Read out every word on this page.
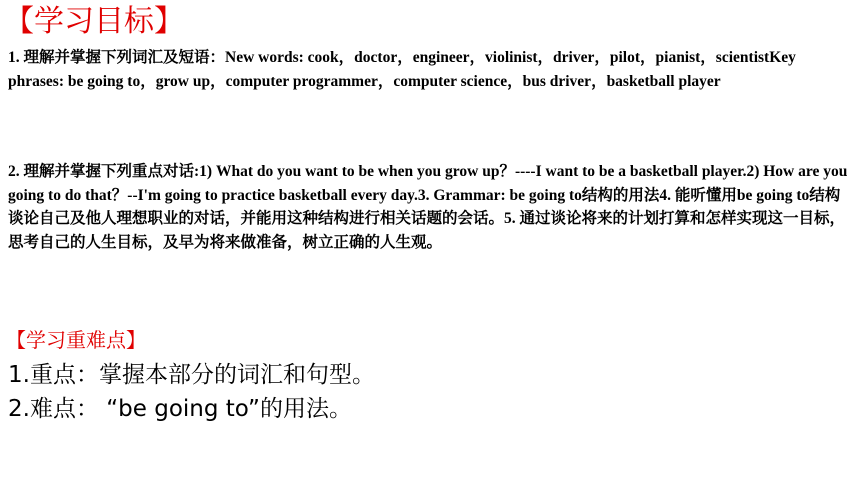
【学习目标】
1. 理解并掌握下列词汇及短语：New words: cook，doctor，engineer，violinist，driver，pilot，pianist，scientistKey phrases: be going to，grow up，computer programmer，computer science，bus driver，basketball player
2. 理解并掌握下列重点对话:1) What do you want to be when you grow up？----I want to be a basketball player.2) How are you going to do that？--I'm going to practice basketball every day.3. Grammar: be going to结构的用法4. 能听懂用be going to结构谈论自己及他人理想职业的对话，并能用这种结构进行相关话题的会话。5. 通过谈论将来的计划打算和怎样实现这一目标，思考自己的人生目标，及早为将来做准备，树立正确的人生观。
【学习重难点】
1.重点：掌握本部分的词汇和句型。
2.难点： “be going to”的用法。
